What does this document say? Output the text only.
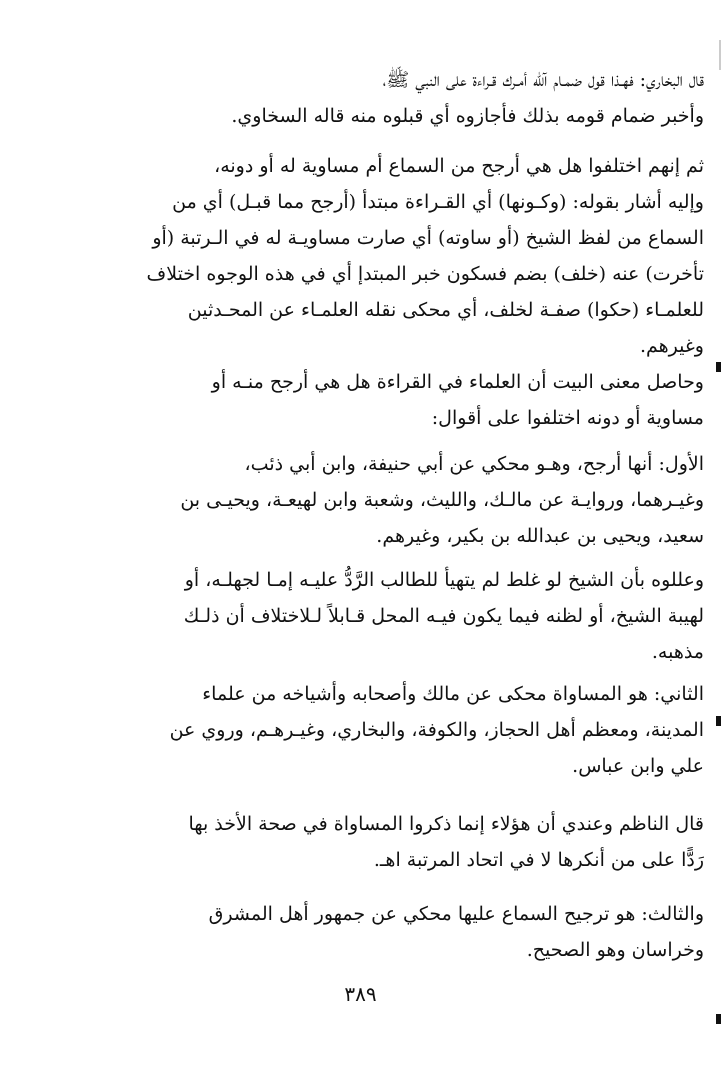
قال البخاري: فهـذا قول ضمـام آلله أمـرك قـراءة على النبي ﷺ،
وأخبر ضمام قومه بذلك فأجازوه أي قبلوه منه قاله السخاوي.
ثم إنهم اختلفوا هل هي أرجح من السماع أم مساوية له أو دونه،
وإليه أشار بقوله: (وكـونها) أي القـراءة مبتدأ (أرجح مما قبـل) أي من
السماع من لفظ الشيخ (أو ساوته) أي صارت مساويـة له في الـرتبة (أو
تأخرت) عنه (خلف) بضم فسكون خبر المبتدإ أي في هذه الوجوه اختلاف
للعلمـاء (حكوا) صفـة لخلف، أي محكى نقله العلمـاء عن المحـدثين
وغيرهم.
وحاصل معنى البيت أن العلماء في القراءة هل هي أرجح منـه أو
مساوية أو دونه اختلفوا على أقوال:
الأول: أنها أرجح، وهـو محكي عن أبي حنيفة، وابن أبي ذئب،
وغيـرهما، وروايـة عن مالـك، والليث، وشعبة وابن لهيعـة، ويحيـى بن
سعيد، ويحيى بن عبدالله بن بكير، وغيرهم.
وعللوه بأن الشيخ لو غلط لم يتهيأ للطالب الرَّدُّ عليـه إمـا لجهلـه، أو
لهيبة الشيخ، أو لظنه فيما يكون فيـه المحل قـابلاً لـلاختلاف أن ذلـك
مذهبه.
الثاني: هو المساواة محكى عن مالك وأصحابه وأشياخه من علماء
المدينة، ومعظم أهل الحجاز، والكوفة، والبخاري، وغيـرهـم، وروي عن
علي وابن عباس.
قال الناظم وعندي أن هؤلاء إنما ذكروا المساواة في صحة الأخذ بها
رَدًّا على من أنكرها لا في اتحاد المرتبة اهـ.
والثالث: هو ترجيح السماع عليها محكي عن جمهور أهل المشرق
وخراسان وهو الصحيح.
٣٨٩
